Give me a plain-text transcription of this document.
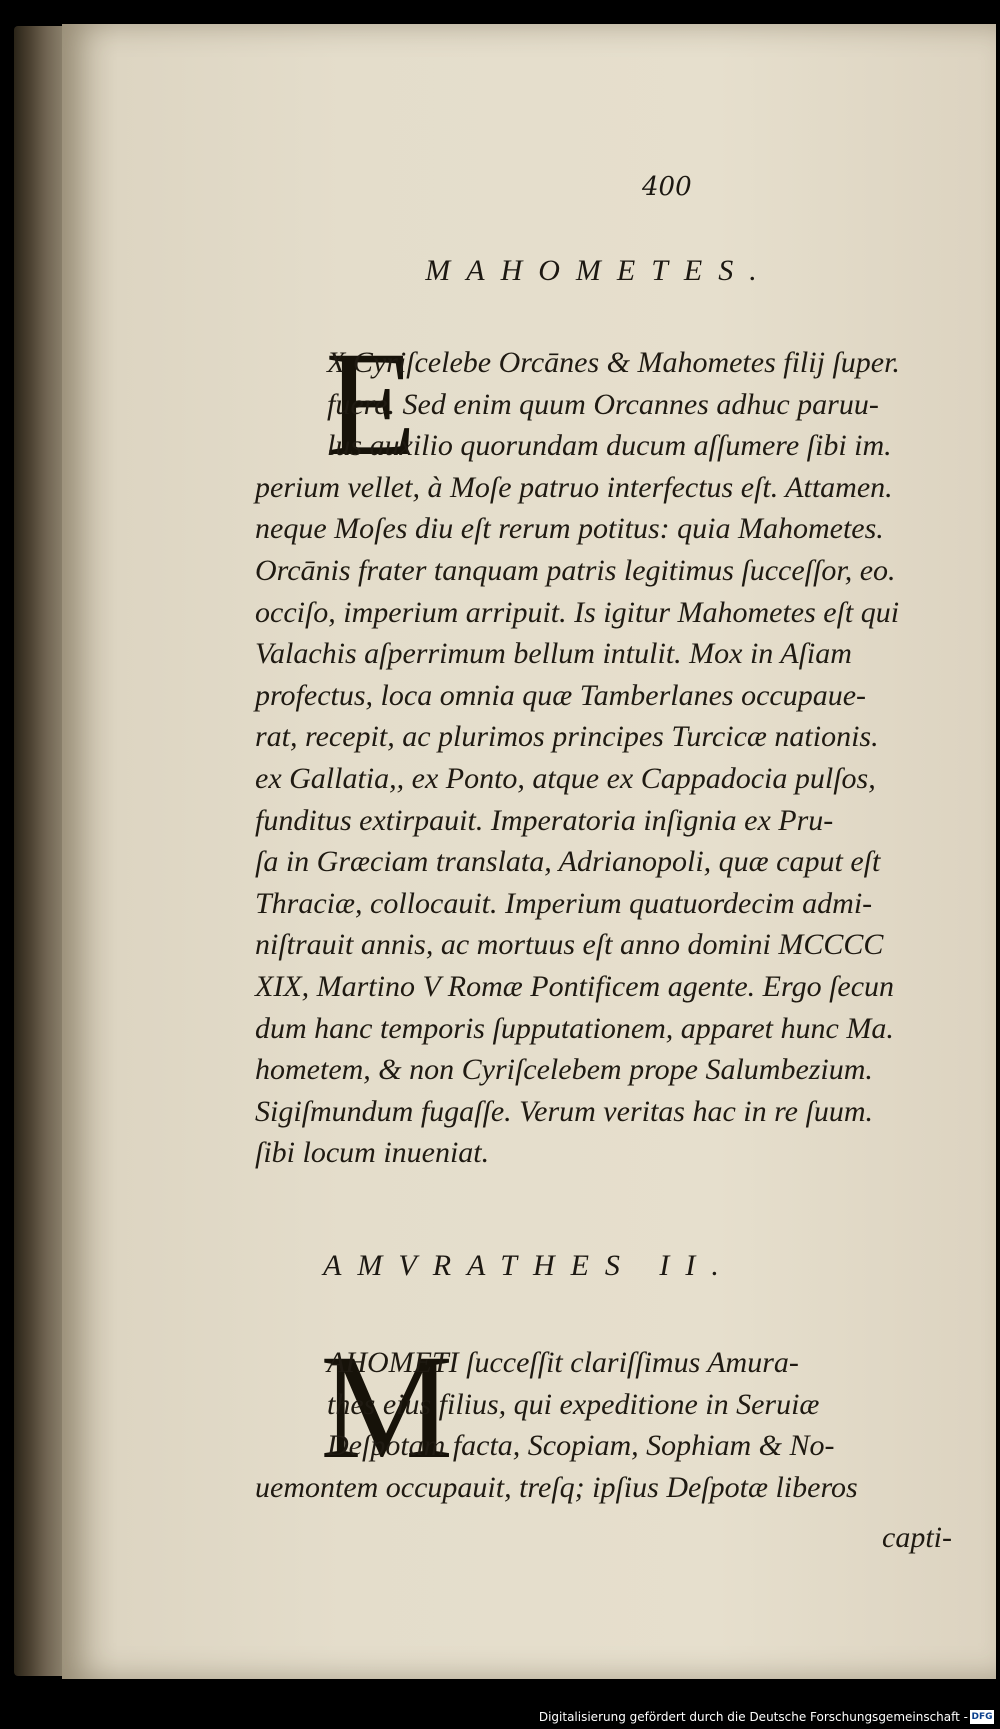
400
MAHOMETES.
E
X Cyriſcelebe Orcānes & Mahometes filij ſuper.
fuere. Sed enim quum Orcannes adhuc paruu-
lus auxilio quorundam ducum aſſumere ſibi im.
perium vellet, à Moſe patruo interfectus eſt. Attamen.
neque Moſes diu eſt rerum potitus: quia Mahometes.
Orcānis frater tanquam patris legitimus ſucceſſor, eo.
occiſo, imperium arripuit. Is igitur Mahometes eſt qui
Valachis aſperrimum bellum intulit. Mox in Aſiam
profectus, loca omnia quæ Tamberlanes occupaue-
rat, recepit, ac plurimos principes Turcicæ nationis.
ex Gallatia,, ex Ponto, atque ex Cappadocia pulſos,
funditus extirpauit. Imperatoria inſignia ex Pru-
ſa in Græciam translata, Adrianopoli, quæ caput eſt
Thraciæ, collocauit. Imperium quatuordecim admi-
niſtrauit annis, ac mortuus eſt anno domini MCCCC
XIX, Martino V Romæ Pontificem agente. Ergo ſecun
dum hanc temporis ſupputationem, apparet hunc Ma.
hometem, & non Cyriſcelebem prope Salumbezium.
Sigiſmundum fugaſſe. Verum veritas hac in re ſuum.
ſibi locum inueniat.
AMVRATHES II.
M
AHOMETI ſucceſſit clariſſimus Amura-
thes eius filius, qui expeditione in Seruiæ
Deſpotam facta, Scopiam, Sophiam & No-
uemontem occupauit, treſq; ipſius Deſpotæ liberos
capti-
Digitalisierung gefördert durch die Deutsche Forschungsgemeinschaft - DFG
